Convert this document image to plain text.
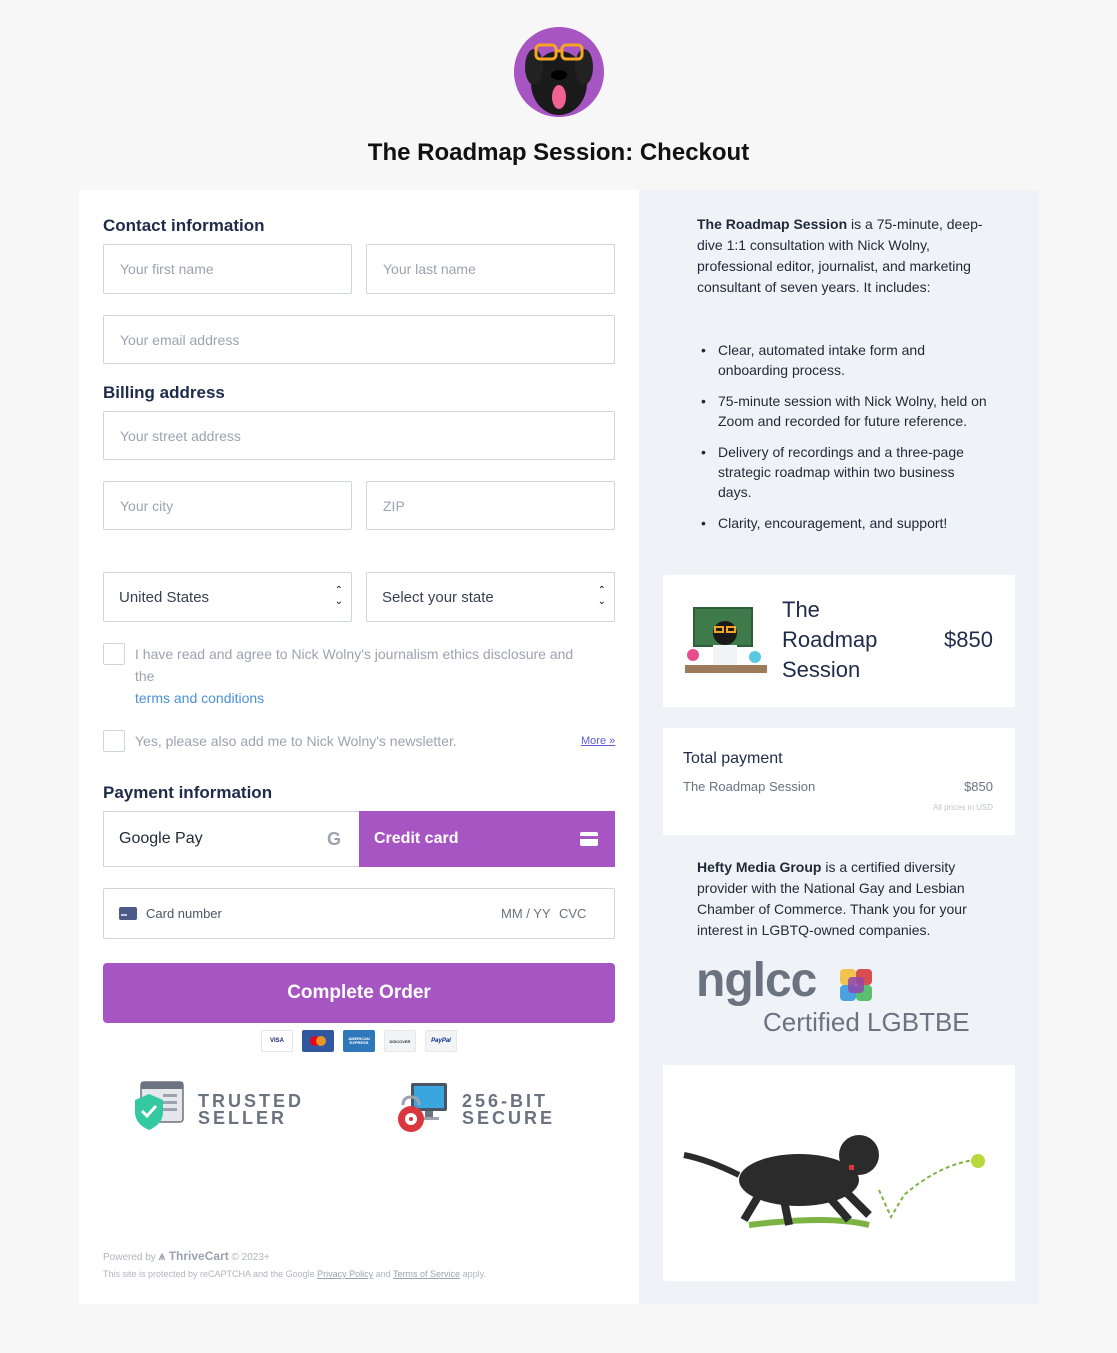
The Roadmap Session: Checkout
Contact information
Your first name	Your last name
Your email address
Billing address
Your street address
Your city	ZIP
United States	⌃
⌄	Select your state	⌃
⌄
I have read and agree to Nick Wolny's journalism ethics disclosure and the
terms and conditions
Yes, please also add me to Nick Wolny's newsletter.	More »
Payment information
Google Pay	G Credit card
Card number	MM / YY CVC
Complete Order
VISA	AMERICAN EXPRESS	DISCOVER	PayPal
TRUSTED
SELLER
256-BIT
SECURE
Powered by ⩚ ThriveCart © 2023+
This site is protected by reCAPTCHA and the Google Privacy Policy and Terms of Service apply.
The Roadmap Session is a 75-minute, deep-dive 1:1 consultation with Nick Wolny, professional editor, journalist, and marketing consultant of seven years. It includes:
• Clear, automated intake form and onboarding process.
• 75-minute session with Nick Wolny, held on Zoom and recorded for future reference.
• Delivery of recordings and a three-page strategic roadmap within two business days.
• Clarity, encouragement, and support!
The Roadmap Session
$850
Total payment
The Roadmap Session	$850
All prices in USD
Hefty Media Group is a certified diversity provider with the National Gay and Lesbian Chamber of Commerce. Thank you for your interest in LGBTQ-owned companies.
nglcc
Certified LGBTBE
